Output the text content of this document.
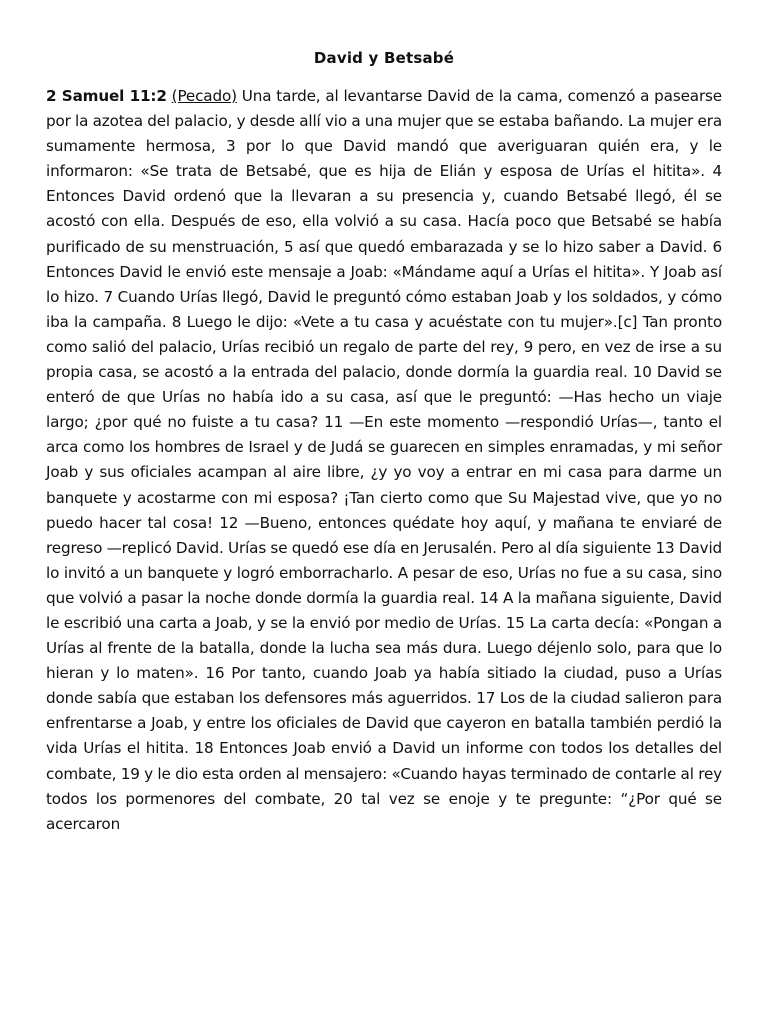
David y Betsabé

2 Samuel 11:2 (Pecado) Una tarde, al levantarse David de la cama, comenzó a pasearse por la azotea del palacio, y desde allí vio a una mujer que se estaba bañando. La mujer era sumamente hermosa, 3 por lo que David mandó que averiguaran quién era, y le informaron: «Se trata de Betsabé, que es hija de Elián y esposa de Urías el hitita». 4 Entonces David ordenó que la llevaran a su presencia y, cuando Betsabé llegó, él se acostó con ella. Después de eso, ella volvió a su casa. Hacía poco que Betsabé se había purificado de su menstruación, 5 así que quedó embarazada y se lo hizo saber a David. 6 Entonces David le envió este mensaje a Joab: «Mándame aquí a Urías el hitita». Y Joab así lo hizo. 7 Cuando Urías llegó, David le preguntó cómo estaban Joab y los soldados, y cómo iba la campaña. 8 Luego le dijo: «Vete a tu casa y acuéstate con tu mujer».[c] Tan pronto como salió del palacio, Urías recibió un regalo de parte del rey, 9 pero, en vez de irse a su propia casa, se acostó a la entrada del palacio, donde dormía la guardia real. 10 David se enteró de que Urías no había ido a su casa, así que le preguntó: —Has hecho un viaje largo; ¿por qué no fuiste a tu casa? 11 —En este momento —respondió Urías—, tanto el arca como los hombres de Israel y de Judá se guarecen en simples enramadas, y mi señor Joab y sus oficiales acampan al aire libre, ¿y yo voy a entrar en mi casa para darme un banquete y acostarme con mi esposa? ¡Tan cierto como que Su Majestad vive, que yo no puedo hacer tal cosa! 12 —Bueno, entonces quédate hoy aquí, y mañana te enviaré de regreso —replicó David. Urías se quedó ese día en Jerusalén. Pero al día siguiente 13 David lo invitó a un banquete y logró emborracharlo. A pesar de eso, Urías no fue a su casa, sino que volvió a pasar la noche donde dormía la guardia real. 14 A la mañana siguiente, David le escribió una carta a Joab, y se la envió por medio de Urías. 15 La carta decía: «Pongan a Urías al frente de la batalla, donde la lucha sea más dura. Luego déjenlo solo, para que lo hieran y lo maten». 16 Por tanto, cuando Joab ya había sitiado la ciudad, puso a Urías donde sabía que estaban los defensores más aguerridos. 17 Los de la ciudad salieron para enfrentarse a Joab, y entre los oficiales de David que cayeron en batalla también perdió la vida Urías el hitita. 18 Entonces Joab envió a David un informe con todos los detalles del combate, 19 y le dio esta orden al mensajero: «Cuando hayas terminado de contarle al rey todos los pormenores del combate, 20 tal vez se enoje y te pregunte: “¿Por qué se acercaron
